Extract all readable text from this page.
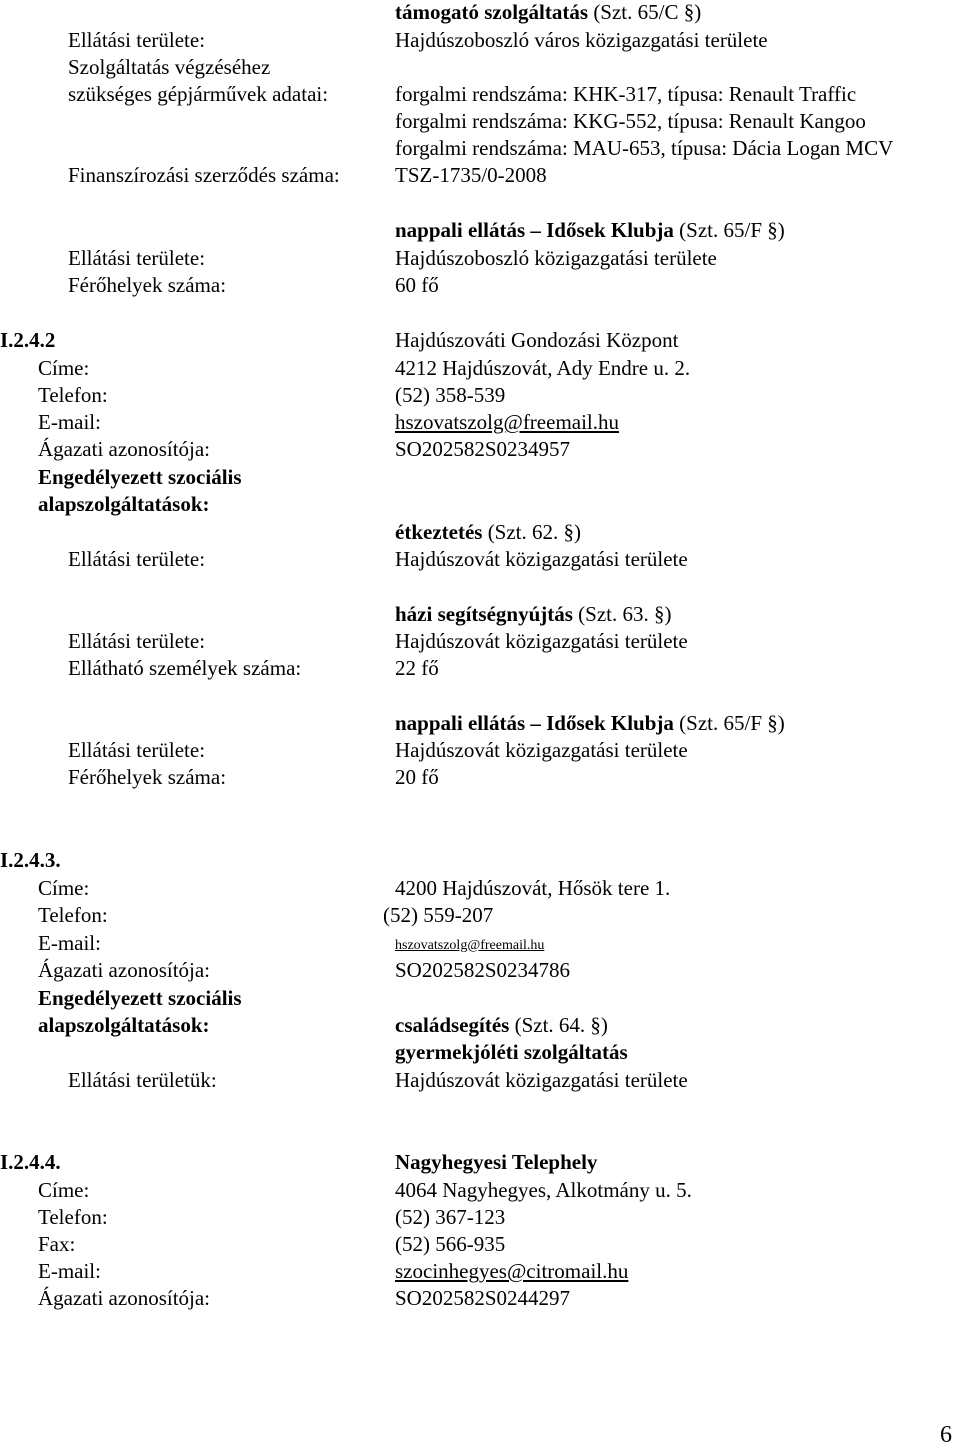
támogató szolgáltatás (Szt. 65/C §)
Ellátási területe:	Hajdúszoboszló város közigazgatási területe
Szolgáltatás végzéséhez
szükséges gépjárművek adatai:	forgalmi rendszáma: KHK-317, típusa: Renault Traffic
forgalmi rendszáma: KKG-552, típusa: Renault Kangoo
forgalmi rendszáma: MAU-653, típusa: Dácia Logan MCV
Finanszírozási szerződés száma:	TSZ-1735/0-2008
nappali ellátás – Idősek Klubja (Szt. 65/F §)
Ellátási területe:	Hajdúszoboszló közigazgatási területe
Férőhelyek száma:	60 fő
I.2.4.2	Hajdúszováti Gondozási Központ
Címe:	4212 Hajdúszovát, Ady Endre u. 2.
Telefon:	(52) 358-539
E-mail:	hszovatszolg@freemail.hu
Ágazati azonosítója:	SO202582S0234957
Engedélyezett szociális
alapszolgáltatások:
étkeztetés (Szt. 62. §)
Ellátási területe:	Hajdúszovát közigazgatási területe
házi segítségnyújtás (Szt. 63. §)
Ellátási területe:	Hajdúszovát közigazgatási területe
Ellátható személyek száma:	22 fő
nappali ellátás – Idősek Klubja (Szt. 65/F §)
Ellátási területe:	Hajdúszovát közigazgatási területe
Férőhelyek száma:	20 fő
I.2.4.3.
Címe:	4200 Hajdúszovát, Hősök tere 1.
Telefon:	(52) 559-207
E-mail:	hszovatszolg@freemail.hu
Ágazati azonosítója:	SO202582S0234786
Engedélyezett szociális
alapszolgáltatások:	családsegítés (Szt. 64. §)
gyermekjóléti szolgáltatás
Ellátási területük:	Hajdúszovát közigazgatási területe
I.2.4.4.	Nagyhegyesi Telephely
Címe:	4064 Nagyhegyes, Alkotmány u. 5.
Telefon:	(52) 367-123
Fax:	(52) 566-935
E-mail:	szocinhegyes@citromail.hu
Ágazati azonosítója:	SO202582S0244297
6
